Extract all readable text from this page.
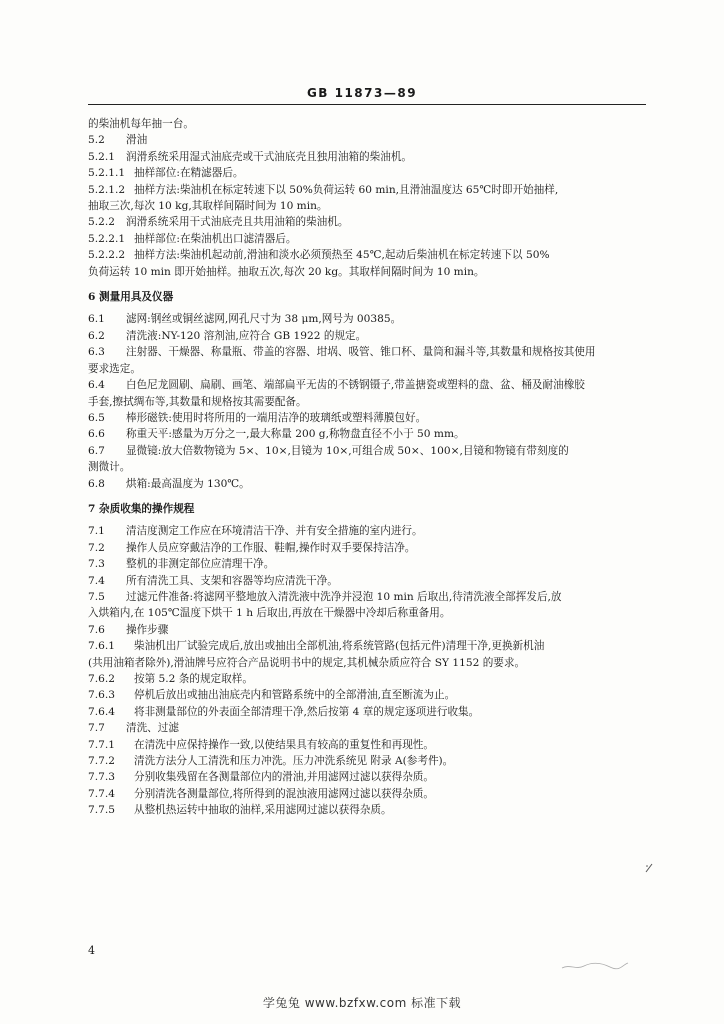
GB 11873—89
的柴油机每年抽一台。
5.2 滑油
5.2.1 润滑系统采用湿式油底壳或干式油底壳且独用油箱的柴油机。
5.2.1.1 抽样部位:在精滤器后。
5.2.1.2 抽样方法:柴油机在标定转速下以 50%负荷运转 60 min,且滑油温度达 65℃时即开始抽样,
抽取三次,每次 10 kg,其取样间隔时间为 10 min。
5.2.2 润滑系统采用干式油底壳且共用油箱的柴油机。
5.2.2.1 抽样部位:在柴油机出口滤清器后。
5.2.2.2 抽样方法:柴油机起动前,滑油和淡水必须预热至 45℃,起动后柴油机在标定转速下以 50%
负荷运转 10 min 即开始抽样。抽取五次,每次 20 kg。其取样间隔时间为 10 min。
6 测量用具及仪器
6.1 滤网:钢丝或铜丝滤网,网孔尺寸为 38 μm,网号为 00385。
6.2 清洗液:NY-120 溶剂油,应符合 GB 1922 的规定。
6.3 注射器、干燥器、称量瓶、带盖的容器、坩埚、吸管、锥口杯、量筒和漏斗等,其数量和规格按其使用
要求选定。
6.4 白色尼龙圆刷、扁刷、画笔、端部扁平无齿的不锈钢镊子,带盖搪瓷或塑料的盘、盆、桶及耐油橡胶
手套,擦拭绸布等,其数量和规格按其需要配备。
6.5 棒形磁铁:使用时将所用的一端用洁净的玻璃纸或塑料薄膜包好。
6.6 称重天平:感量为万分之一,最大称量 200 g,称物盘直径不小于 50 mm。
6.7 显微镜:放大倍数物镜为 5×、10×,目镜为 10×,可组合成 50×、100×,目镜和物镜有带刻度的
测微计。
6.8 烘箱:最高温度为 130℃。
7 杂质收集的操作规程
7.1 清洁度测定工作应在环境清洁干净、并有安全措施的室内进行。
7.2 操作人员应穿戴洁净的工作服、鞋帽,操作时双手要保持洁净。
7.3 整机的非测定部位应清理干净。
7.4 所有清洗工具、支架和容器等均应清洗干净。
7.5 过滤元件准备:将滤网平整地放入清洗液中洗净并浸泡 10 min 后取出,待清洗液全部挥发后,放
入烘箱内,在 105℃温度下烘干 1 h 后取出,再放在干燥器中冷却后称重备用。
7.6 操作步骤
7.6.1 柴油机出厂试验完成后,放出或抽出全部机油,将系统管路(包括元件)清理干净,更换新机油
(共用油箱者除外),滑油牌号应符合产品说明书中的规定,其机械杂质应符合 SY 1152 的要求。
7.6.2 按第 5.2 条的规定取样。
7.6.3 停机后放出或抽出油底壳内和管路系统中的全部滑油,直至断流为止。
7.6.4 将非测量部位的外表面全部清理干净,然后按第 4 章的规定逐项进行收集。
7.7 清洗、过滤
7.7.1 在清洗中应保持操作一致,以使结果具有较高的重复性和再现性。
7.7.2 清洗方法分人工清洗和压力冲洗。压力冲洗系统见 附录 A(参考件)。
7.7.3 分别收集残留在各测量部位内的滑油,并用滤网过滤以获得杂质。
7.7.4 分别清洗各测量部位,将所得到的混浊液用滤网过滤以获得杂质。
7.7.5 从整机热运转中抽取的油样,采用滤网过滤以获得杂质。
4
学兔兔 www.bzfxw.com 标准下载
